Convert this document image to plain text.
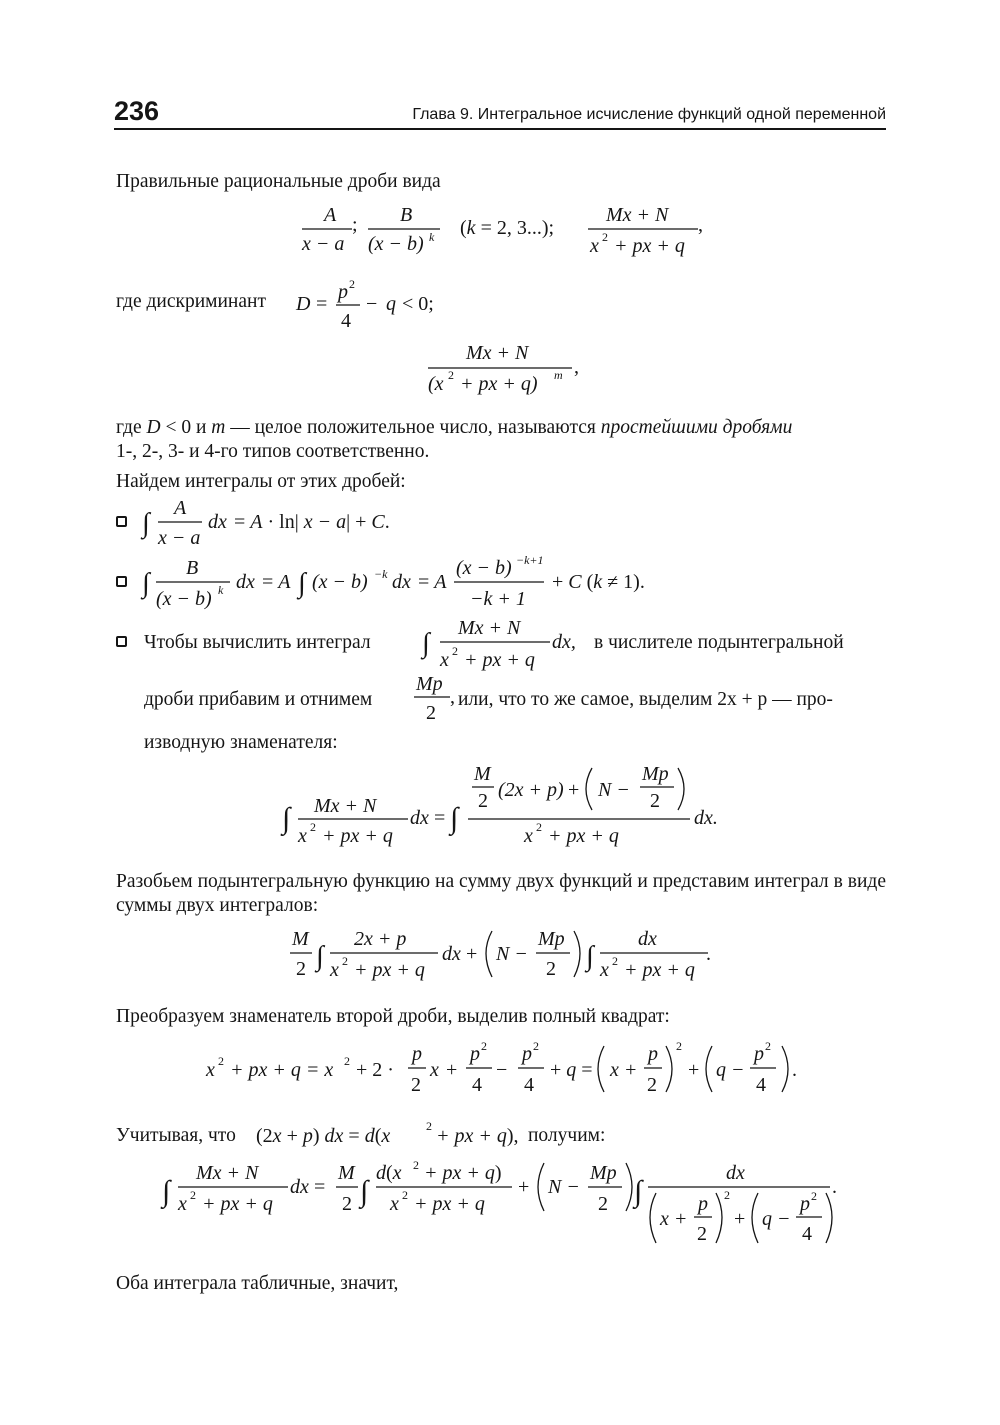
236	Глава 9. Интегральное исчисление функций одной переменной
Правильные рациональные дроби вида
A
x − a
; B
(x − b) k (k = 2, 3...);
Mx + N
x 2 + px + q
,
где дискриминант D =
p 2
4
− q < 0;
Mx + N
(x 2 + px + q) m ,
где D < 0 и m — целое положительное число, называются простейшими дробями
1-, 2-, 3- и 4-го типов соответственно.
Найдем интегралы от этих дробей:
∫ A
x − a
dx = A · ln| x − a| + C.
∫ B
(x − b) k dx = A ∫ (x − b) −k dx = A
(x − b) −k+1
−k + 1
+ C (k ≠ 1).
Чтобы вычислить интеграл ∫ Mx + N
x 2 + px + q
dx, в числителе подынтегральной
дроби прибавим и отнимем
Mp
2
, или, что то же самое, выделим 2x + p — про-
изводную знаменателя:
∫ Mx + N
x 2 + px + q
dx = ∫
M
2 (2x + p) + N −
Mp
2
x 2 + px + q
dx.
Разобьем подынтегральную функцию на сумму двух функций и представим интеграл в виде суммы двух интегралов:
M
2 ∫
2x + p
x 2 + px + q
dx + N −
Mp
2 ∫
dx
x 2 + px + q
.
Преобразуем знаменатель второй дроби, выделив полный квадрат:
x 2 + px + q = x 2 + 2 ·
p
2
x +
p 2
4
−
p 2
4
+ q = x +
p
2
2
+ q −
p 2
4
.
Учитывая, что (2x + p) dx = d(x	2 + px + q), получим:
∫
Mx + N
x 2 + px + q
dx =
M
2 ∫
d(x 2 + px + q)
x 2 + px + q
+ N −
Mp
2 ∫
dx
x +
p
2
2
+ q −
p 2
4
.
Оба интеграла табличные, значит,
